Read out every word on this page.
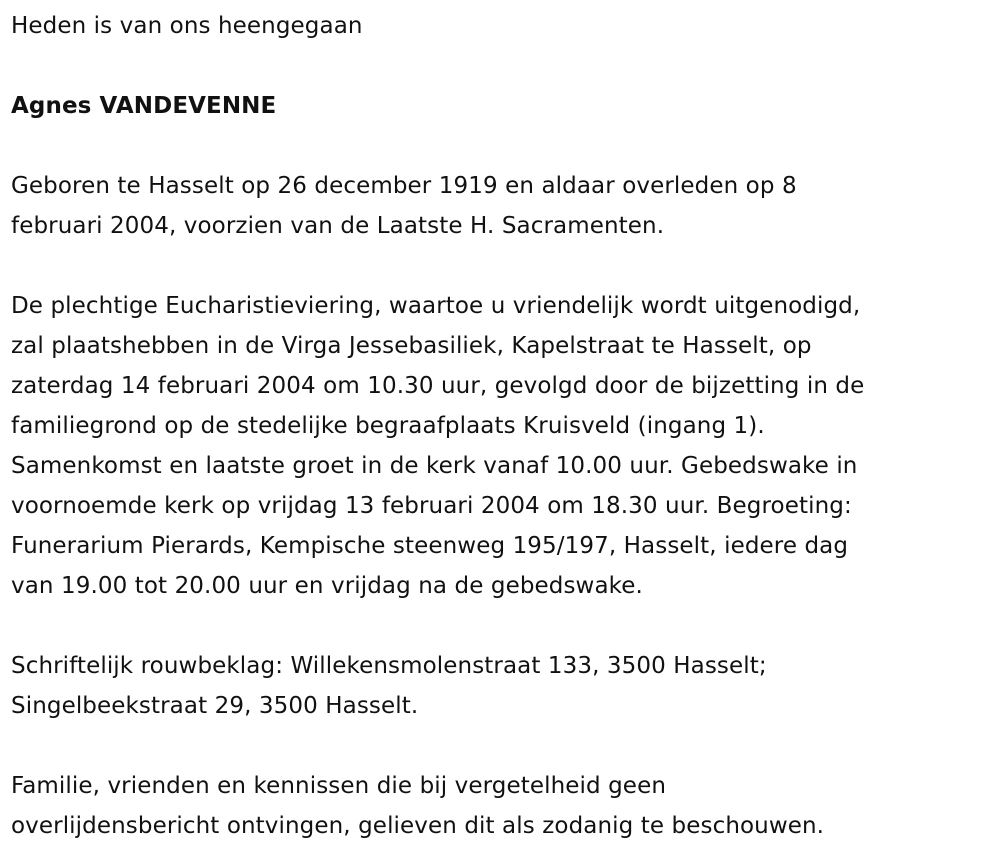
Heden is van ons heengegaan

Agnes VANDEVENNE

Geboren te Hasselt op 26 december 1919 en aldaar overleden op 8

februari 2004, voorzien van de Laatste H. Sacramenten.

De plechtige Eucharistieviering, waartoe u vriendelijk wordt uitgenodigd,

zal plaatshebben in de Virga Jessebasiliek, Kapelstraat te Hasselt, op

zaterdag 14 februari 2004 om 10.30 uur, gevolgd door de bijzetting in de

familiegrond op de stedelijke begraafplaats Kruisveld (ingang 1).

Samenkomst en laatste groet in de kerk vanaf 10.00 uur. Gebedswake in

voornoemde kerk op vrijdag 13 februari 2004 om 18.30 uur. Begroeting:

Funerarium Pierards, Kempische steenweg 195/197, Hasselt, iedere dag

van 19.00 tot 20.00 uur en vrijdag na de gebedswake.

Schriftelijk rouwbeklag: Willekensmolenstraat 133, 3500 Hasselt;

Singelbeekstraat 29, 3500 Hasselt.

Familie, vrienden en kennissen die bij vergetelheid geen

overlijdensbericht ontvingen, gelieven dit als zodanig te beschouwen.
